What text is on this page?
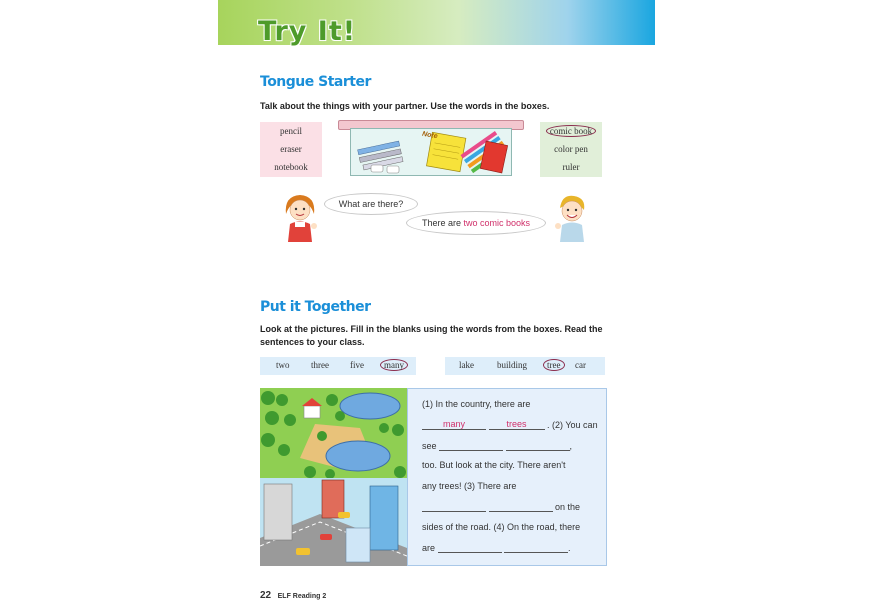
Try It!
Tongue Starter
Talk about the things with your partner. Use the words in the boxes.
pencil
eraser
notebook
Note	comic book
color pen
ruler
What are there?
There are two comic books
Put it Together
Look at the pictures. Fill in the blanks using the words from the boxes. Read the sentences to your class.
two three five	many	lake	building	tree	car
(1) In the country, there are
many	trees . (2) You can
see	,
too. But look at the city. There aren't
any trees! (3) There are
on the
sides of the road. (4) On the road, there
are	.
22 ELF Reading 2
